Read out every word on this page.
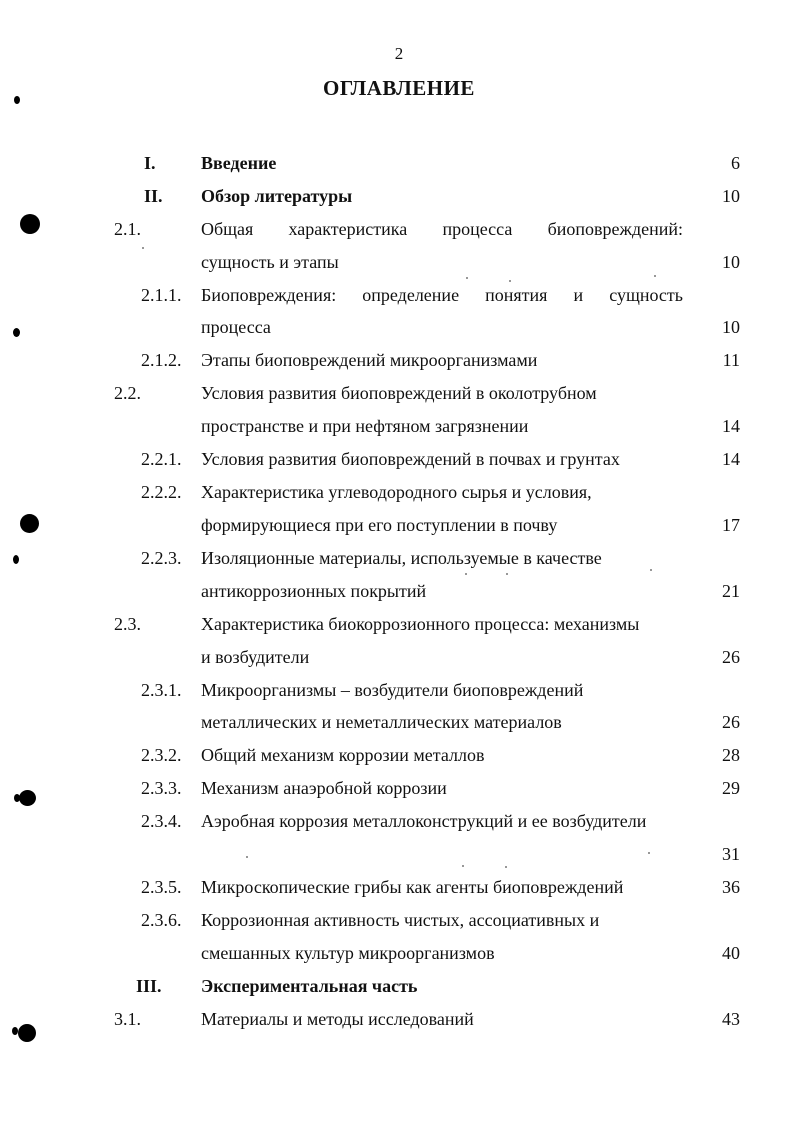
2
ОГЛАВЛЕНИЕ
I.	Введение	6
II. Обзор литературы	10
2.1.	Общая характеристика процесса биоповреждений:
сущность и этапы	10
2.1.1. Биоповреждения: определение понятия и сущность
процесса	10
2.1.2. Этапы биоповреждений микроорганизмами	11
2.2.	Условия развития биоповреждений в околотрубном
пространстве и при нефтяном загрязнении	14
2.2.1. Условия развития биоповреждений в почвах и грунтах	14
2.2.2. Характеристика углеводородного сырья и условия,
формирующиеся при его поступлении в почву	17
2.2.3. Изоляционные материалы, используемые в качестве
антикоррозионных покрытий	21
2.3.	Характеристика биокоррозионного процесса: механизмы
и возбудители	26
2.3.1. Микроорганизмы – возбудители биоповреждений
металлических и неметаллических материалов	26
2.3.2. Общий механизм коррозии металлов	28
2.3.3. Механизм анаэробной коррозии	29
2.3.4. Аэробная коррозия металлоконструкций и ее возбудители
31
2.3.5. Микроскопические грибы как агенты биоповреждений	36
2.3.6. Коррозионная активность чистых, ассоциативных и
смешанных культур микроорганизмов	40
III. Экспериментальная часть
3.1.	Материалы и методы исследований	43
